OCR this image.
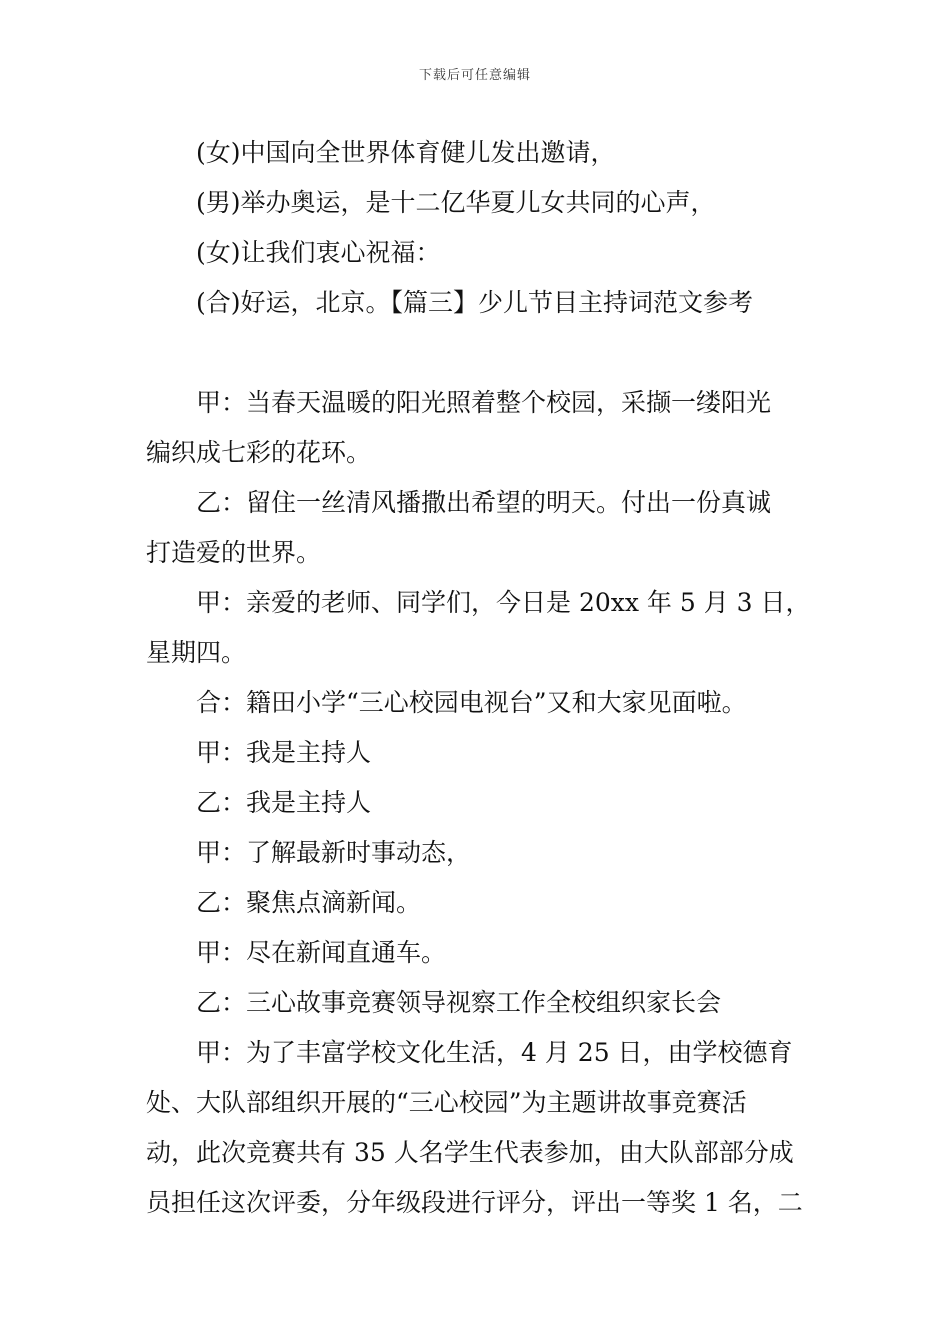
下载后可任意编辑
(女)中国向全世界体育健儿发出邀请，
(男)举办奥运，是十二亿华夏儿女共同的心声，
(女)让我们衷心祝福：
(合)好运，北京。【篇三】少儿节目主持词范文参考
甲：当春天温暖的阳光照着整个校园，采撷一缕阳光
编织成七彩的花环。
乙：留住一丝清风播撒出希望的明天。付出一份真诚
打造爱的世界。
甲：亲爱的老师、同学们，今日是 20xx 年 5 月 3 日，
星期四。
合：籍田小学“三心校园电视台”又和大家见面啦。
甲：我是主持人
乙：我是主持人
甲：了解最新时事动态，
乙：聚焦点滴新闻。
甲：尽在新闻直通车。
乙：三心故事竞赛领导视察工作全校组织家长会
甲：为了丰富学校文化生活，4 月 25 日，由学校德育
处、大队部组织开展的“三心校园”为主题讲故事竞赛活
动，此次竞赛共有 35 人名学生代表参加，由大队部部分成
员担任这次评委，分年级段进行评分，评出一等奖 1 名，二
